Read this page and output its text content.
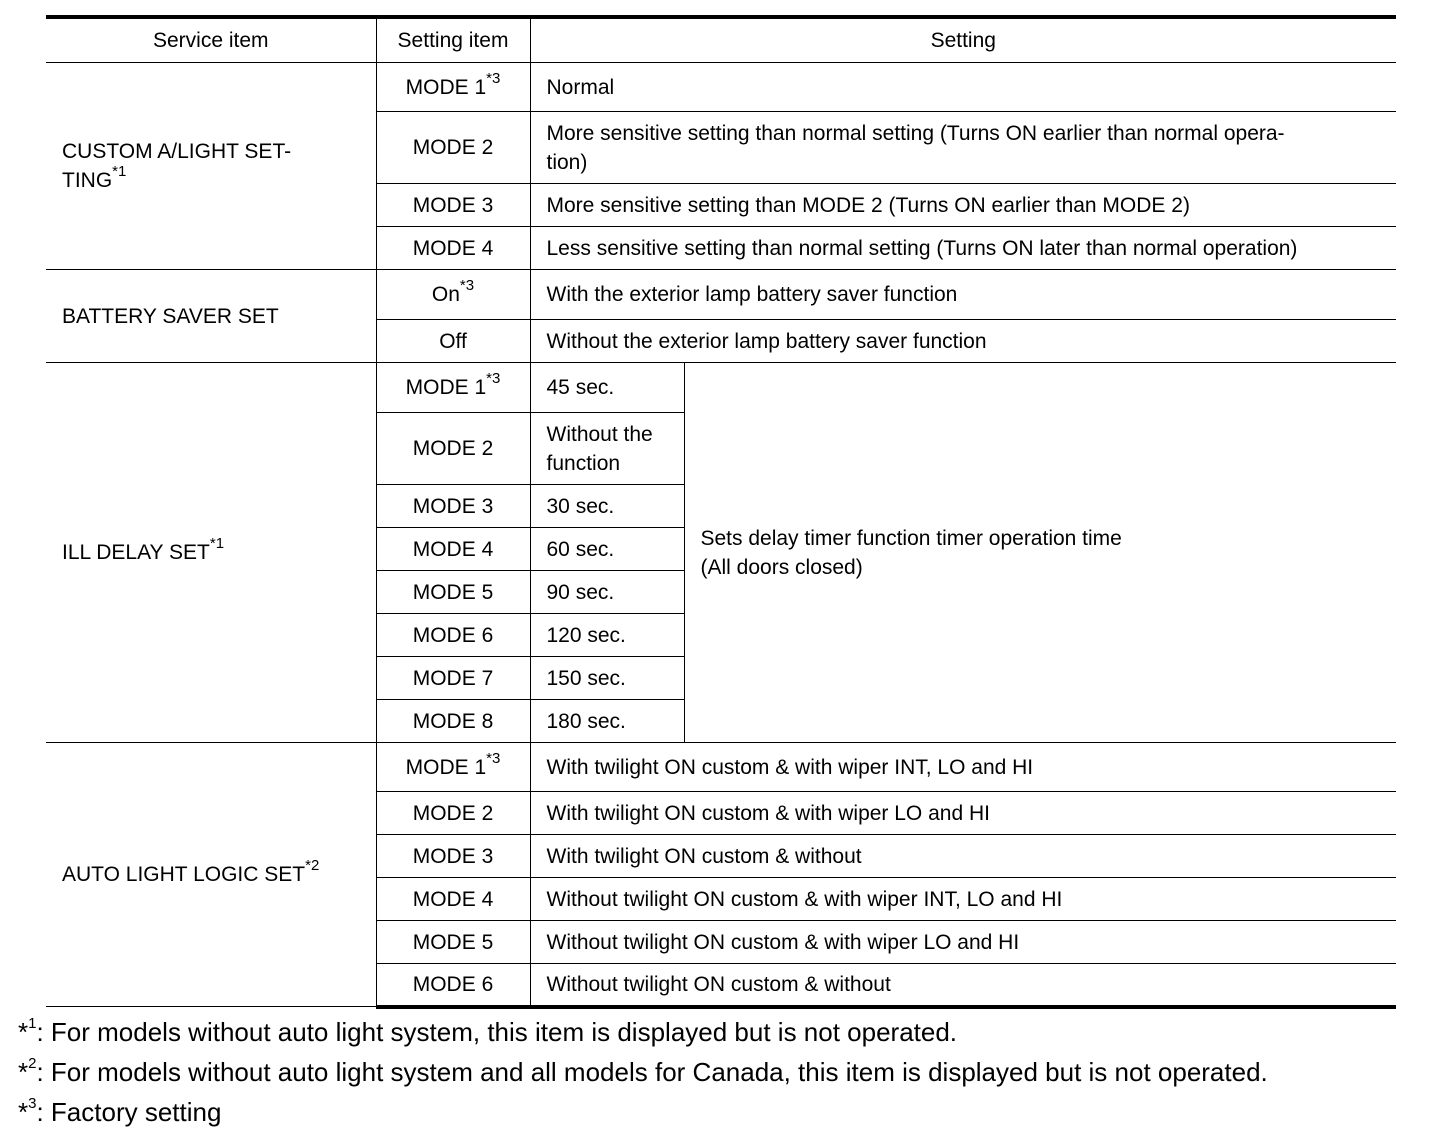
Service item	Setting item	Setting	
CUSTOM A/LIGHT SET-
TING$^{*1}$	MODE 1$^{*3}$	Normal	
	MODE 2	More sensitive setting than normal setting (Turns ON earlier than normal opera-
tion)	
	MODE 3	More sensitive setting than MODE 2 (Turns ON earlier than MODE 2)	
	MODE 4	Less sensitive setting than normal setting (Turns ON later than normal operation)	
BATTERY SAVER SET	On$^{*3}$	With the exterior lamp battery saver function	
	Off	Without the exterior lamp battery saver function	
ILL DELAY SET$^{*1}$	MODE 1$^{*3}$	45 sec.	Sets delay timer function timer operation time
(All doors closed)
	MODE 2	Without the
function	
	MODE 3	30 sec.	
	MODE 4	60 sec.	
	MODE 5	90 sec.	
	MODE 6	120 sec.	
	MODE 7	150 sec.	
	MODE 8	180 sec.	
AUTO LIGHT LOGIC SET$^{*2}$	MODE 1$^{*3}$	With twilight ON custom & with wiper INT, LO and HI	
	MODE 2	With twilight ON custom & with wiper LO and HI	
	MODE 3	With twilight ON custom & without	
	MODE 4	Without twilight ON custom & with wiper INT, LO and HI	
	MODE 5	Without twilight ON custom & with wiper LO and HI	
	MODE 6	Without twilight ON custom & without	
*$^1$: For models without auto light system, this item is displayed but is not operated.
*$^2$: For models without auto light system and all models for Canada, this item is displayed but is not operated.
*$^3$: Factory setting
